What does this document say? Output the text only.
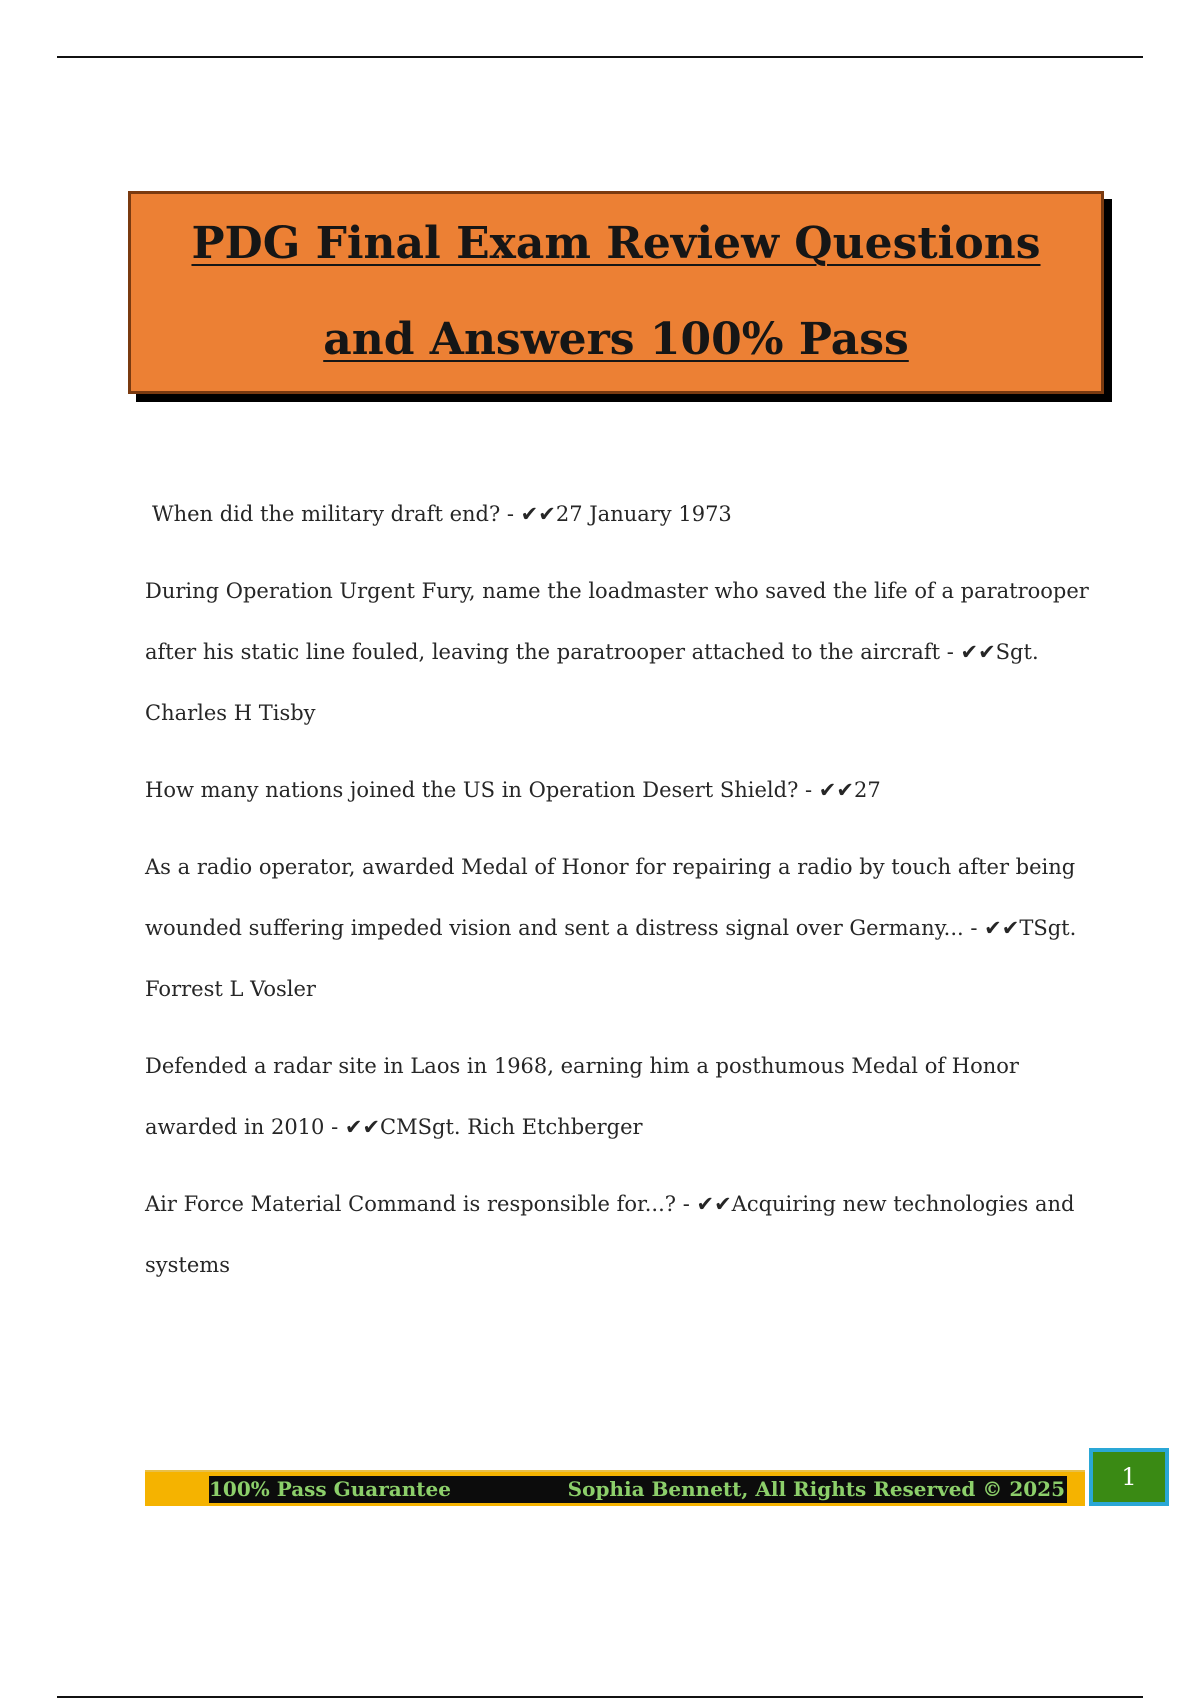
PDG Final Exam Review Questions
and Answers 100% Pass

When did the military draft end? - ✔✔27 January 1973

During Operation Urgent Fury, name the loadmaster who saved the life of a paratrooper after his static line fouled, leaving the paratrooper attached to the aircraft - ✔✔Sgt. Charles H Tisby

How many nations joined the US in Operation Desert Shield? - ✔✔27

As a radio operator, awarded Medal of Honor for repairing a radio by touch after being wounded suffering impeded vision and sent a distress signal over Germany... - ✔✔TSgt. Forrest L Vosler

Defended a radar site in Laos in 1968, earning him a posthumous Medal of Honor awarded in 2010 - ✔✔CMSgt. Rich Etchberger

Air Force Material Command is responsible for...? - ✔✔Acquiring new technologies and systems

100% Pass Guarantee	Sophia Bennett, All Rights Reserved © 2025	1
